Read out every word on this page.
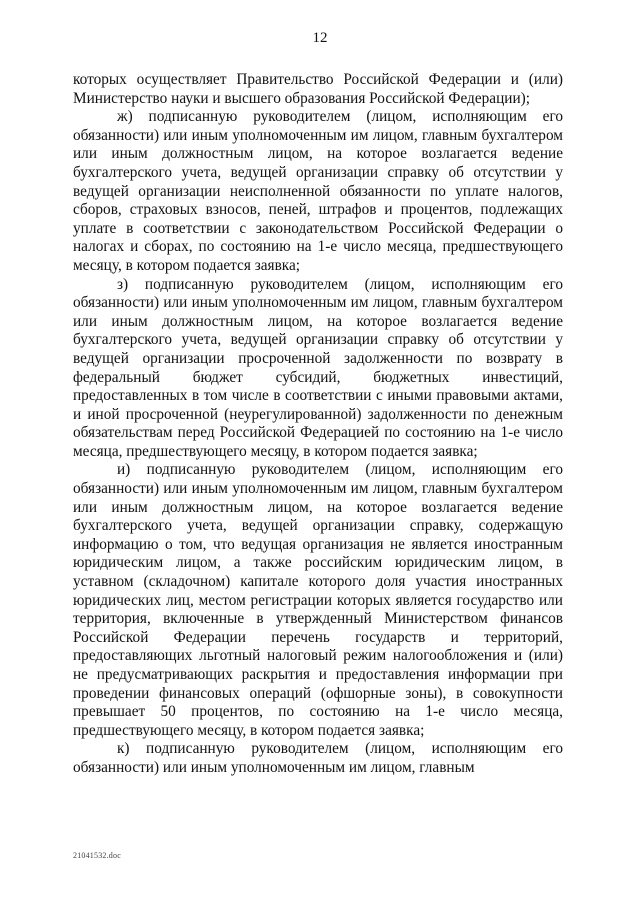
12

которых осуществляет Правительство Российской Федерации и (или) Министерство науки и высшего образования Российской Федерации);

ж) подписанную руководителем (лицом, исполняющим его обязанности) или иным уполномоченным им лицом, главным бухгалтером или иным должностным лицом, на которое возлагается ведение бухгалтерского учета, ведущей организации справку об отсутствии у ведущей организации неисполненной обязанности по уплате налогов, сборов, страховых взносов, пеней, штрафов и процентов, подлежащих уплате в соответствии с законодательством Российской Федерации о налогах и сборах, по состоянию на 1-е число месяца, предшествующего месяцу, в котором подается заявка;

з) подписанную руководителем (лицом, исполняющим его обязанности) или иным уполномоченным им лицом, главным бухгалтером или иным должностным лицом, на которое возлагается ведение бухгалтерского учета, ведущей организации справку об отсутствии у ведущей организации просроченной задолженности по возврату в федеральный бюджет субсидий, бюджетных инвестиций, предоставленных в том числе в соответствии с иными правовыми актами, и иной просроченной (неурегулированной) задолженности по денежным обязательствам перед Российской Федерацией по состоянию на 1-е число месяца, предшествующего месяцу, в котором подается заявка;

и) подписанную руководителем (лицом, исполняющим его обязанности) или иным уполномоченным им лицом, главным бухгалтером или иным должностным лицом, на которое возлагается ведение бухгалтерского учета, ведущей организации справку, содержащую информацию о том, что ведущая организация не является иностранным юридическим лицом, а также российским юридическим лицом, в уставном (складочном) капитале которого доля участия иностранных юридических лиц, местом регистрации которых является государство или территория, включенные в утвержденный Министерством финансов Российской Федерации перечень государств и территорий, предоставляющих льготный налоговый режим налогообложения и (или) не предусматривающих раскрытия и предоставления информации при проведении финансовых операций (офшорные зоны), в совокупности превышает 50 процентов, по состоянию на 1-е число месяца, предшествующего месяцу, в котором подается заявка;

к) подписанную руководителем (лицом, исполняющим его обязанности) или иным уполномоченным им лицом, главным

21041532.doc
